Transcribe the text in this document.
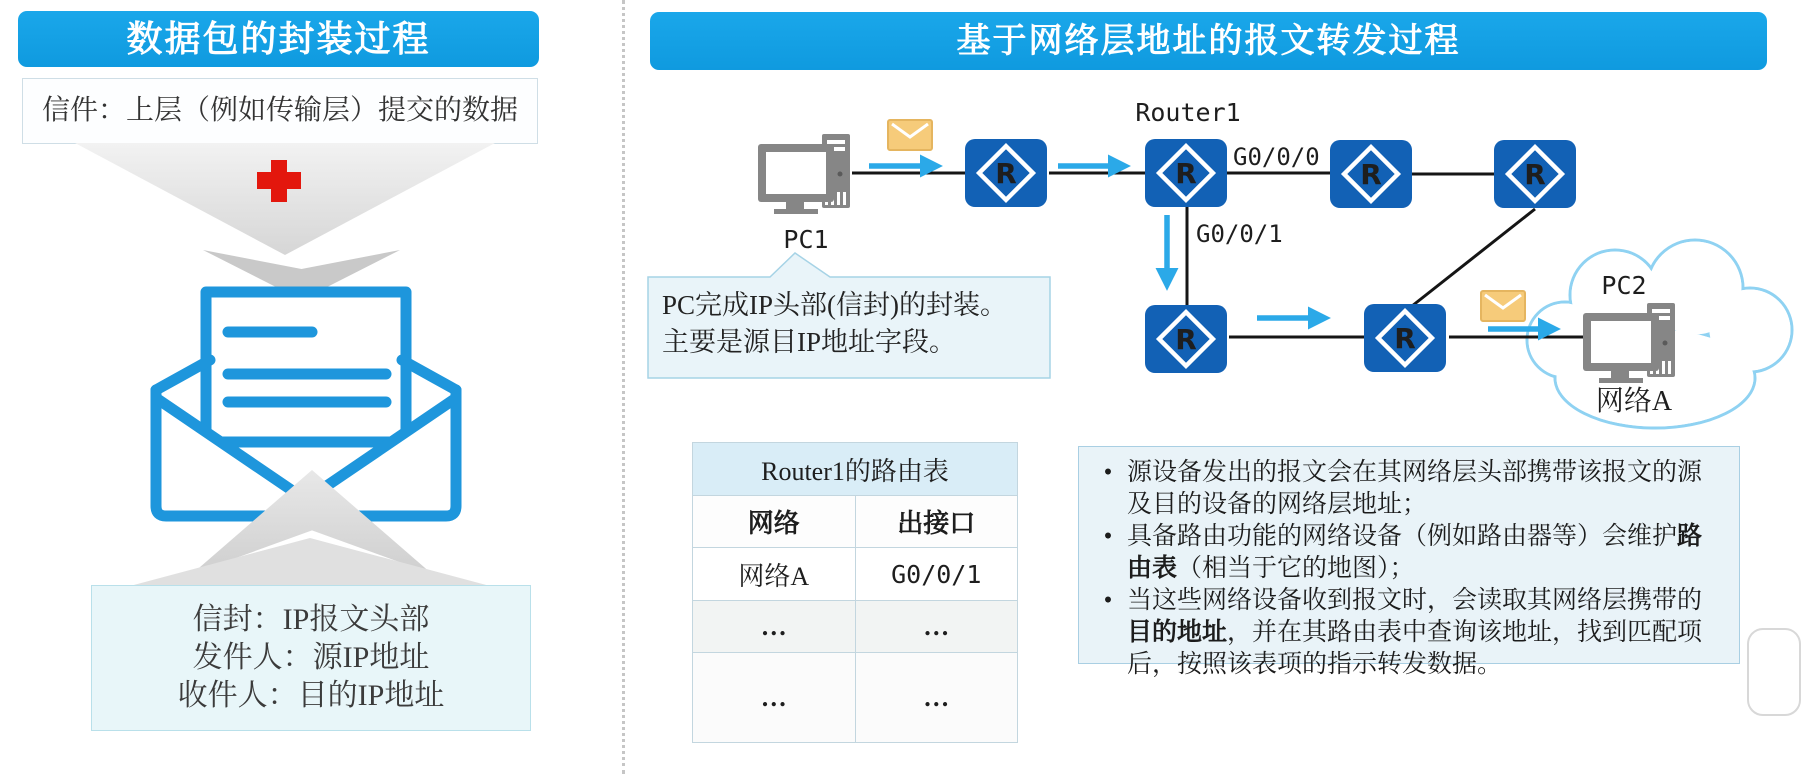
数据包的封装过程
信件：上层（例如传输层）提交的数据
信封：IP报文头部
发件人：源IP地址
收件人：目的IP地址
基于网络层地址的报文转发过程
PC1
Router1
G0/0/0
G0/0/1
PC2
网络A
PC完成IP头部(信封)的封装。
主要是源目IP地址字段。
Router1的路由表	
网络	出接口
网络A	G0/0/1
…	…
…	…
• 源设备发出的报文会在其网络层头部携带该报文的源及目的设备的网络层地址；
• 具备路由功能的网络设备（例如路由器等）会维护路由表（相当于它的地图）；
• 当这些网络设备收到报文时，会读取其网络层携带的目的地址，并在其路由表中查询该地址，找到匹配项后，按照该表项的指示转发数据。
